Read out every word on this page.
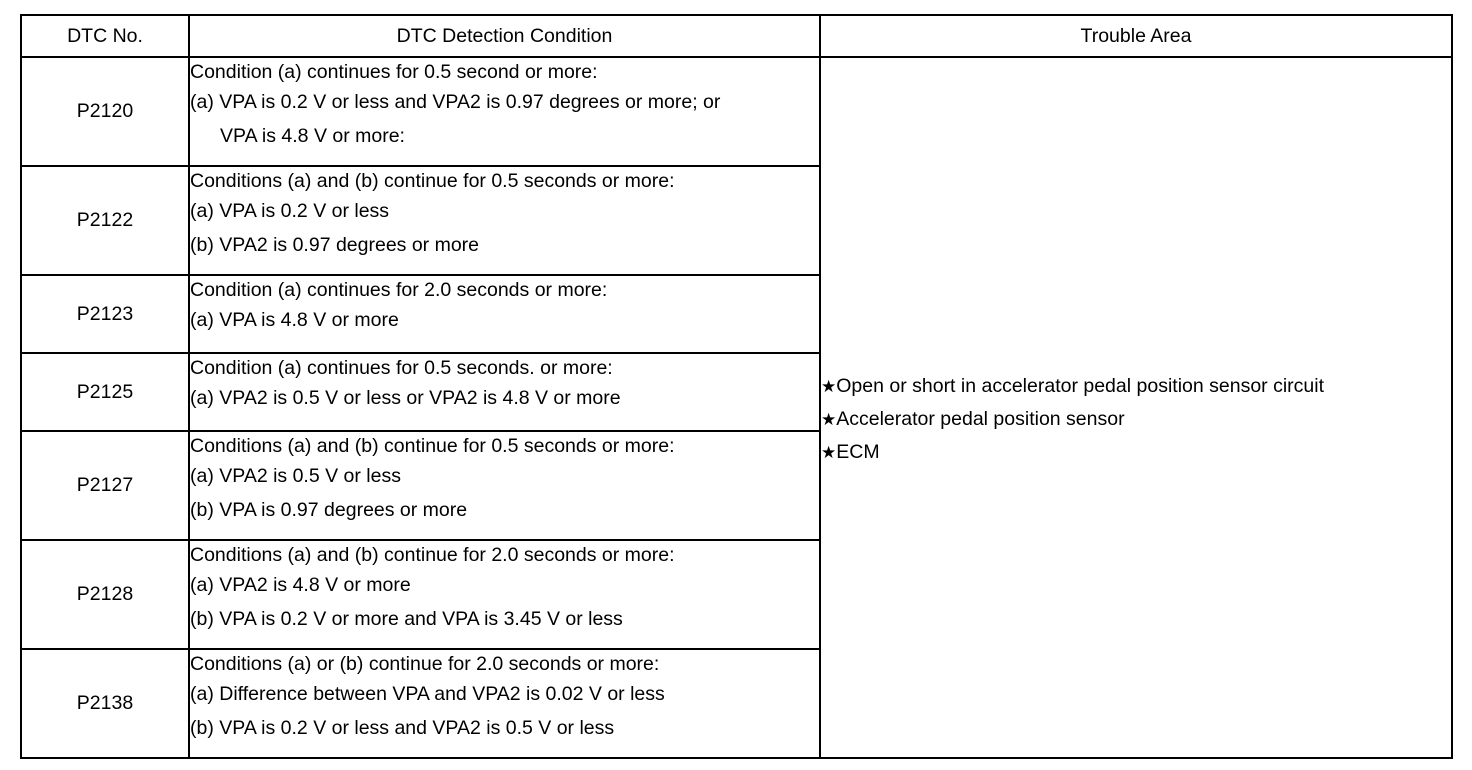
DTC No.	DTC Detection Condition	Trouble Area
P2120	Condition (a) continues for 0.5 second or more:
(a) VPA is 0.2 V or less and VPA2 is 0.97 degrees or more; or
VPA is 4.8 V or more:	★Open or short in accelerator pedal position sensor circuit
★Accelerator pedal position sensor
★ECM

P2122	Conditions (a) and (b) continue for 0.5 seconds or more:
(a) VPA is 0.2 V or less
(b) VPA2 is 0.97 degrees or more	

P2123	Condition (a) continues for 2.0 seconds or more:
(a) VPA is 4.8 V or more	

P2125	Condition (a) continues for 0.5 seconds. or more:
(a) VPA2 is 0.5 V or less or VPA2 is 4.8 V or more	

P2127	Conditions (a) and (b) continue for 0.5 seconds or more:
(a) VPA2 is 0.5 V or less
(b) VPA is 0.97 degrees or more	

P2128	Conditions (a) and (b) continue for 2.0 seconds or more:
(a) VPA2 is 4.8 V or more
(b) VPA is 0.2 V or more and VPA is 3.45 V or less	

P2138	Conditions (a) or (b) continue for 2.0 seconds or more:
(a) Difference between VPA and VPA2 is 0.02 V or less
(b) VPA is 0.2 V or less and VPA2 is 0.5 V or less	
